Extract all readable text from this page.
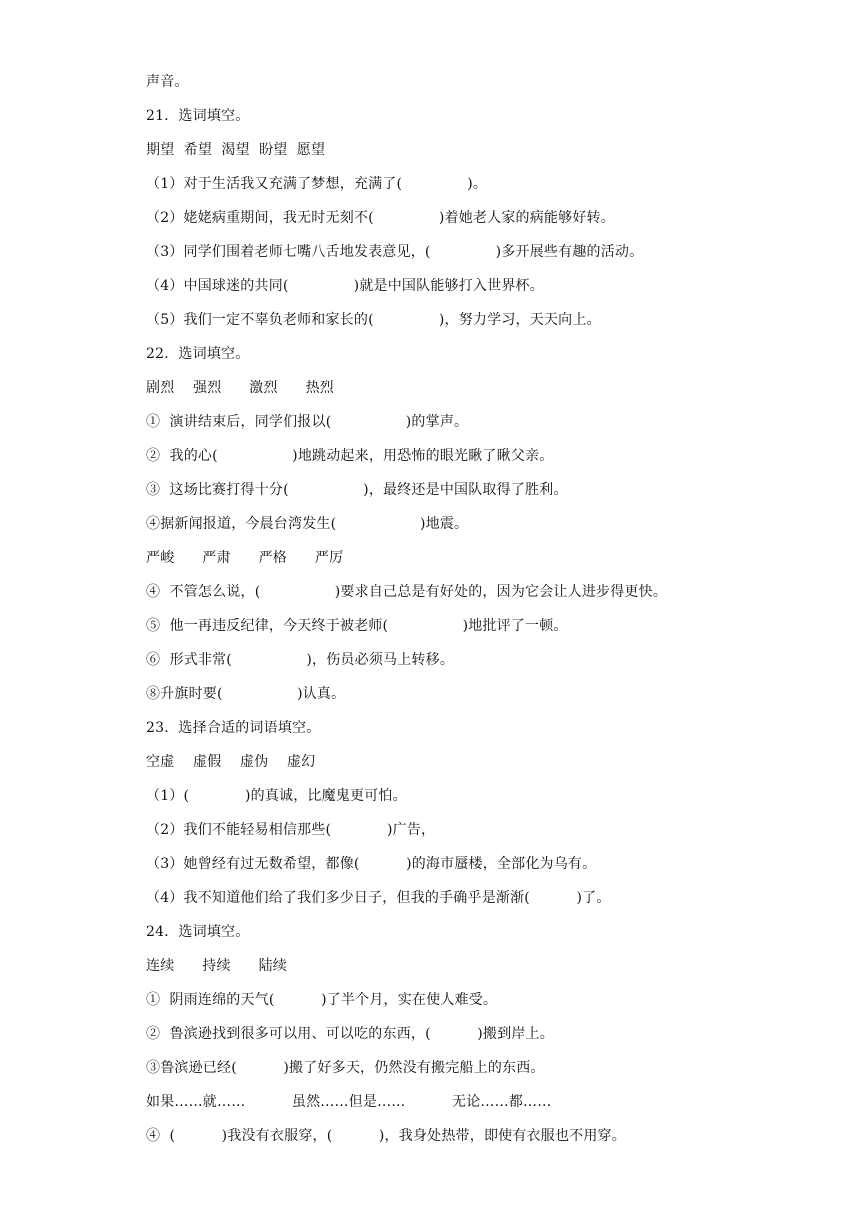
声音。
21．选词填空。
期望  希望  渴望  盼望  愿望
（1）对于生活我又充满了梦想，充满了(              )。
（2）姥姥病重期间，我无时无刻不(              )着她老人家的病能够好转。
（3）同学们围着老师七嘴八舌地发表意见，(              )多开展些有趣的活动。
（4）中国球迷的共同(              )就是中国队能够打入世界杯。
（5）我们一定不辜负老师和家长的(              )，努力学习，天天向上。
22．选词填空。
剧烈    强烈      激烈      热烈
①  演讲结束后，同学们报以(                )的掌声。
②  我的心(                )地跳动起来，用恐怖的眼光瞅了瞅父亲。
③  这场比赛打得十分(                )，最终还是中国队取得了胜利。
④据新闻报道，今晨台湾发生(                  )地震。
严峻      严肃      严格      严厉
④  不管怎么说，(                )要求自己总是有好处的，因为它会让人进步得更快。
⑤  他一再违反纪律，今天终于被老师(                )地批评了一顿。
⑥  形式非常(                )，伤员必须马上转移。
⑧升旗时要(                )认真。
23．选择合适的词语填空。
空虚    虚假    虚伪    虚幻
（1）(            )的真诚，比魔鬼更可怕。
（2）我们不能轻易相信那些(            )广告，
（3）她曾经有过无数希望，都像(          )的海市蜃楼，全部化为乌有。
（4）我不知道他们给了我们多少日子，但我的手确乎是渐渐(          )了。
24．选词填空。
连续      持续      陆续
①  阴雨连绵的天气(          )了半个月，实在使人难受。
②  鲁滨逊找到很多可以用、可以吃的东西，(          )搬到岸上。
③鲁滨逊已经(          )搬了好多天，仍然没有搬完船上的东西。
如果……就……          虽然……但是……          无论……都……
④  (          )我没有衣服穿，(          )，我身处热带，即使有衣服也不用穿。
